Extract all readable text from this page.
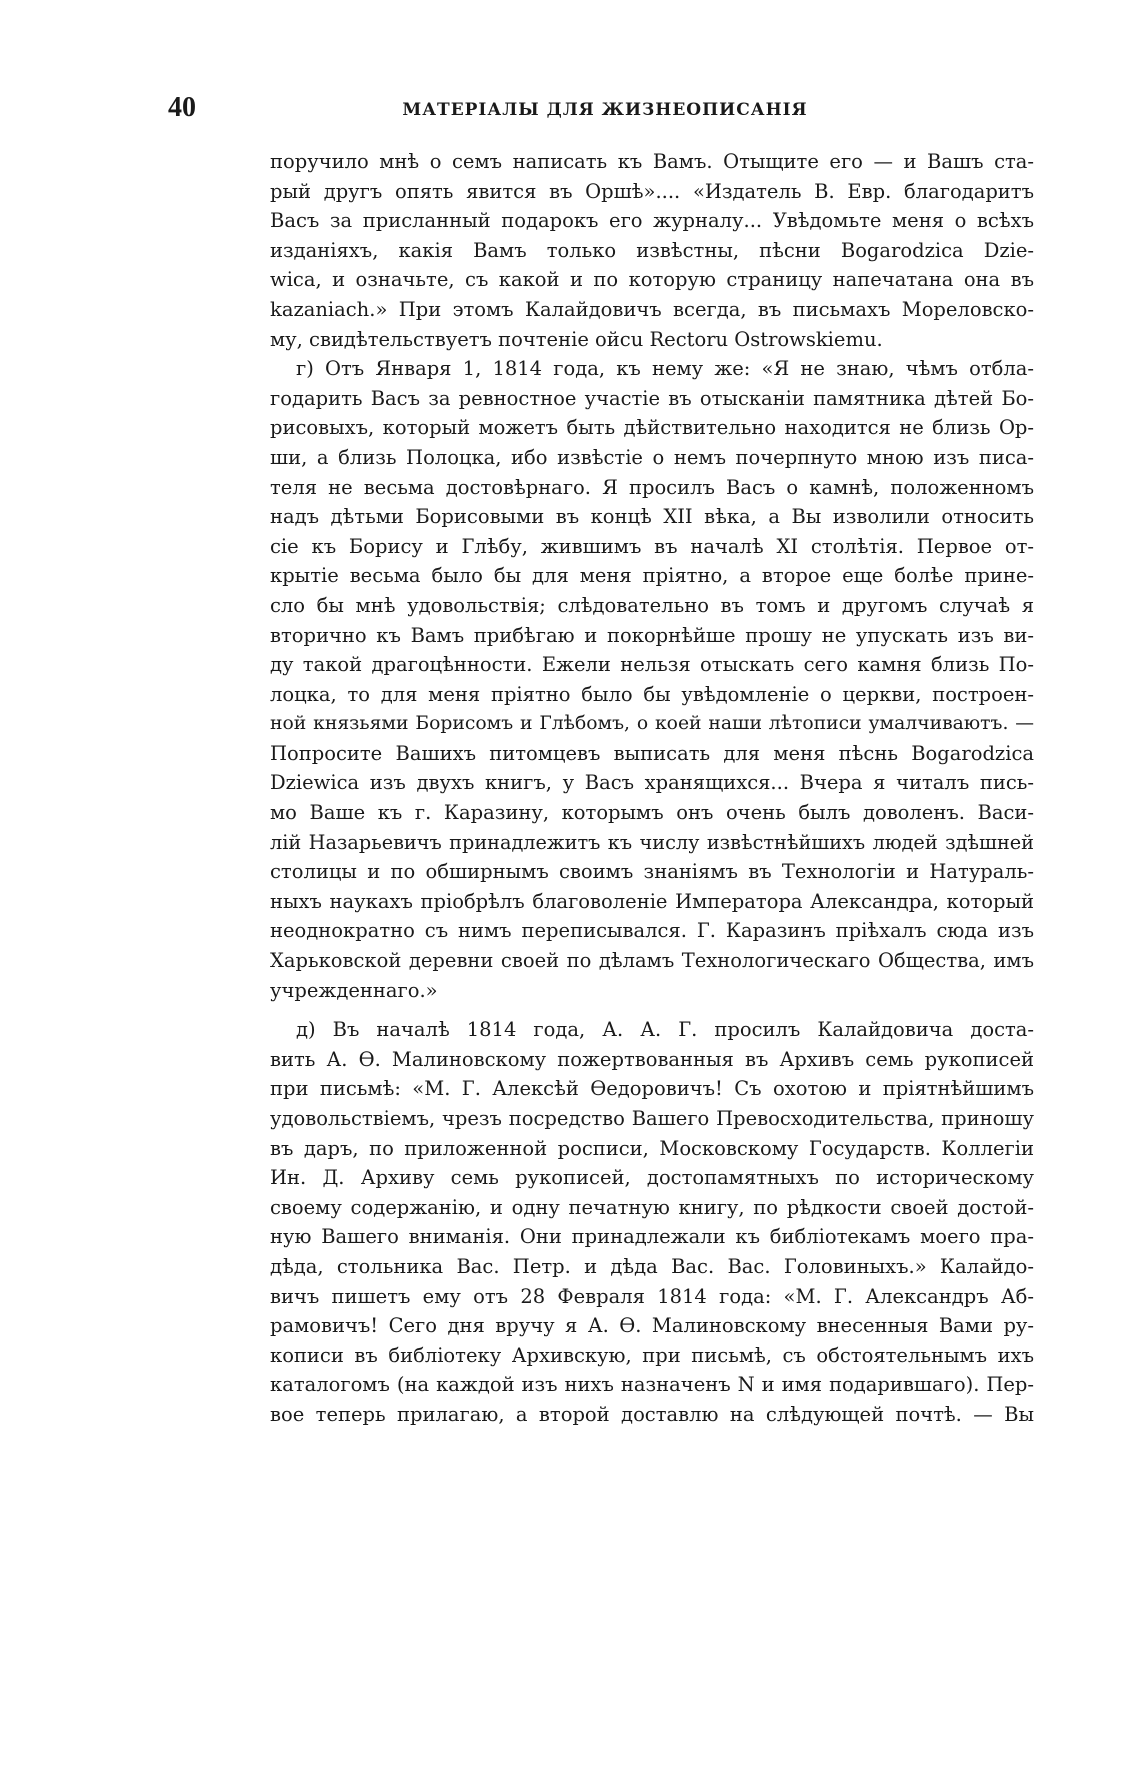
40	МАТЕРІАЛЫ ДЛЯ ЖИЗНЕОПИСАНІЯ
поручило мнѣ о семъ написать къ Вамъ. Отыщите его — и Вашъ ста-
рый другъ опять явится въ Оршѣ».... «Издатель В. Евр. благодаритъ
Васъ за присланный подарокъ его журналу... Увѣдомьте меня о всѣхъ
изданіяхъ, какія Вамъ только извѣстны, пѣсни Bogarodzica Dzie-
wica, и означьте, съ какой и по которую страницу напечатана она въ
kazaniach.» При этомъ Калайдовичъ всегда, въ письмахъ Мореловско-
му, свидѣтельствуетъ почтеніе ойcu Rectoru Ostrowskiemu.
г) Отъ Января 1, 1814 года, къ нему же: «Я не знаю, чѣмъ отбла-
годарить Васъ за ревностное участіе въ отысканіи памятника дѣтей Бо-
рисовыхъ, который можетъ быть дѣйствительно находится не близь Ор-
ши, а близь Полоцка, ибо извѣстіе о немъ почерпнуто мною изъ писа-
теля не весьма достовѣрнаго. Я просилъ Васъ о камнѣ, положенномъ
надъ дѣтьми Борисовыми въ концѣ XII вѣка, а Вы изволили относить
сіе къ Борису и Глѣбу, жившимъ въ началѣ XI столѣтія. Первое от-
крытіе весьма было бы для меня пріятно, а второе еще болѣе прине-
сло бы мнѣ удовольствія; слѣдовательно въ томъ и другомъ случаѣ я
вторично къ Вамъ прибѣгаю и покорнѣйше прошу не упускать изъ ви-
ду такой драгоцѣнности. Ежели нельзя отыскать сего камня близь По-
лоцка, то для меня пріятно было бы увѣдомленіе о церкви, построен-
ной князьями Борисомъ и Глѣбомъ, о коей наши лѣтописи умалчиваютъ. —
Попросите Вашихъ питомцевъ выписать для меня пѣснь Bogarodzica
Dziewica изъ двухъ книгъ, у Васъ хранящихся... Вчера я читалъ пись-
мо Ваше къ г. Каразину, которымъ онъ очень былъ доволенъ. Васи-
лій Назарьевичъ принадлежитъ къ числу извѣстнѣйшихъ людей здѣшней
столицы и по обширнымъ своимъ знаніямъ въ Технологіи и Натураль-
ныхъ наукахъ пріобрѣлъ благоволеніе Императора Александра, который
неоднократно съ нимъ переписывался. Г. Каразинъ пріѣхалъ сюда изъ
Харьковской деревни своей по дѣламъ Технологическаго Общества, имъ
учрежденнаго.»
д) Въ началѣ 1814 года, А. А. Г. просилъ Калайдовича доста-
вить А. Ѳ. Малиновскому пожертвованныя въ Архивъ семь рукописей
при письмѣ: «М. Г. Алексѣй Ѳедоровичъ! Съ охотою и пріятнѣйшимъ
удовольствіемъ, чрезъ посредство Вашего Превосходительства, приношу
въ даръ, по приложенной росписи, Московскому Государств. Коллегіи
Ин. Д. Архиву семь рукописей, достопамятныхъ по историческому
своему содержанію, и одну печатную книгу, по рѣдкости своей достой-
ную Вашего вниманія. Они принадлежали къ библіотекамъ моего пра-
дѣда, стольника Вас. Петр. и дѣда Вас. Вас. Головиныхъ.» Калайдо-
вичъ пишетъ ему отъ 28 Февраля 1814 года: «М. Г. Александръ Аб-
рамовичъ! Сего дня вручу я А. Ѳ. Малиновскому внесенныя Вами ру-
кописи въ библіотеку Архивскую, при письмѣ, съ обстоятельнымъ ихъ
каталогомъ (на каждой изъ нихъ назначенъ N и имя подарившаго). Пер-
вое теперь прилагаю, а второй доставлю на слѣдующей почтѣ. — Вы
